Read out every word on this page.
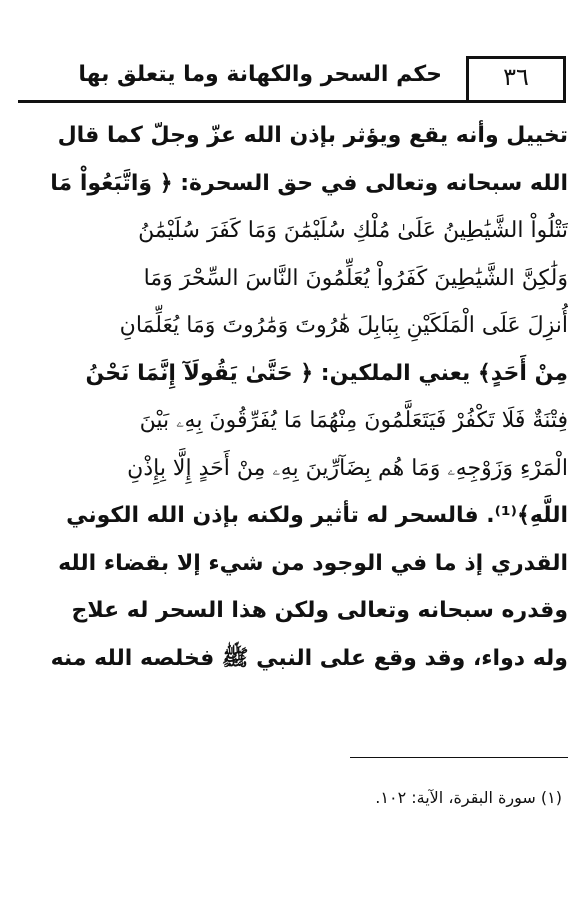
حكم السحر والكهانة وما يتعلق بها	٣٦
تخييل وأنه يقع ويؤثر بإذن الله عزّ وجلّ كما قال
الله سبحانه وتعالى في حق السحرة: ﴿ وَاتَّبَعُواْ مَا
تَتْلُواْ الشَّيَٰطِينُ عَلَىٰ مُلْكِ سُلَيْمَٰنَ وَمَا كَفَرَ سُلَيْمَٰنُ
وَلَٰكِنَّ الشَّيَٰطِينَ كَفَرُواْ يُعَلِّمُونَ النَّاسَ السِّحْرَ وَمَا
أُنزِلَ عَلَى الْمَلَكَيْنِ بِبَابِلَ هَٰرُوتَ وَمَٰرُوتَ وَمَا يُعَلِّمَانِ
مِنْ أَحَدٍ﴾ يعني الملكين: ﴿ حَتَّىٰ يَقُولَآ إِنَّمَا نَحْنُ
فِتْنَةٌ فَلَا تَكْفُرْ فَيَتَعَلَّمُونَ مِنْهُمَا مَا يُفَرِّقُونَ بِهِۦ بَيْنَ
الْمَرْءِ وَزَوْجِهِۦ وَمَا هُم بِضَآرِّينَ بِهِۦ مِنْ أَحَدٍ إِلَّا بِإِذْنِ
اللَّهِ﴾⁽¹⁾. فالسحر له تأثير ولكنه بإذن الله الكوني
القدري إذ ما في الوجود من شيء إلا بقضاء الله
وقدره سبحانه وتعالى ولكن هذا السحر له علاج
وله دواء، وقد وقع على النبي ﷺ فخلصه الله منه
(١) سورة البقرة، الآية: ١٠٢.
